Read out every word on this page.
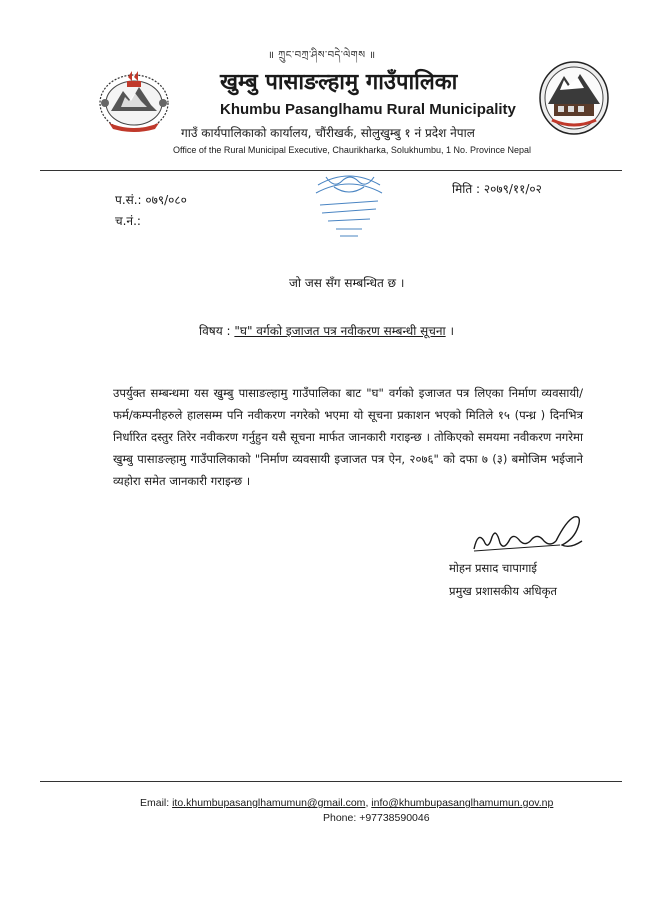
॥ ཀྲུང་བཀྲ་ཤིས་བདེ་ལེགས ॥
खुम्बु पासाङल्हामु गाउँपालिका
Khumbu Pasanglhamu Rural Municipality
गाउँ कार्यपालिकाको कार्यालय, चौंरीखर्क, सोलुखुम्बु १ नं प्रदेश नेपाल
Office of the Rural Municipal Executive, Chaurikharka, Solukhumbu, 1 No. Province Nepal
प.सं.: ०७९/०८०
च.नं.:
मिति : २०७९/११/०२
जो जस सँग सम्बन्धित छ ।
विषय : "घ" वर्गको इजाजत पत्र नवीकरण सम्बन्धी सूचना ।

उपर्युक्त सम्बन्धमा यस खुम्बु पासाङल्हामु गाउँपालिका बाट "घ" वर्गको इजाजत पत्र लिएका निर्माण व्यवसायी/फर्म/कम्पनीहरुले हालसम्म पनि नवीकरण नगरेको भएमा यो सूचना प्रकाशन भएको मितिले १५ (पन्ध्र ) दिनभित्र निर्धारित दस्तुर तिरेर नवीकरण गर्नुहुन यसै सूचना मार्फत जानकारी गराइन्छ । तोकिएको समयमा नवीकरण नगरेमा खुम्बु पासाङल्हामु गाउँपालिकाको "निर्माण व्यवसायी इजाजत पत्र ऐन, २०७६" को दफा ७ (३) बमोजिम भईजाने व्यहोरा समेत जानकारी गराइन्छ ।

मोहन प्रसाद चापागाई
प्रमुख प्रशासकीय अधिकृत
Email: ito.khumbupasanglhamumun@gmail.com, info@khumbupasanglhamumun.gov.np
Phone: +97738590046
